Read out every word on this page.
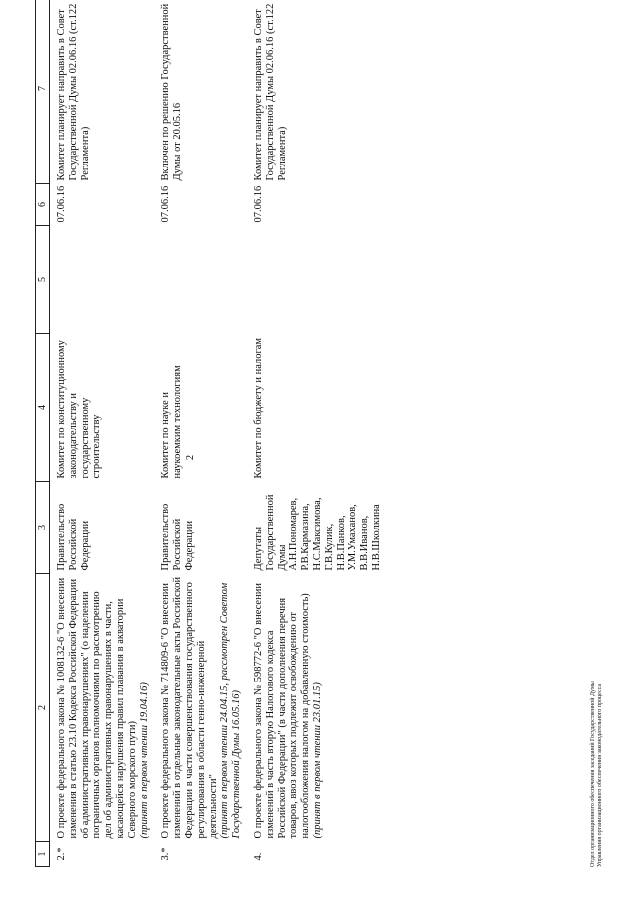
2
1	2	3	4	5	6	7
2.*	О проекте федерального закона № 1008132-6 "О внесении изменения в статью 23.10 Кодекса Российской Федерации об административных правонарушениях" (о наделении пограничных органов полномочиями по рассмотрению дел об административных правонарушениях в части, касающейся нарушения правил плавания в акватории Северного морского пути) (принят в первом чтении 19.04.16)	Правительство Российской Федерации	Комитет по конституционному законодательству и государственному строительству		07.06.16	Комитет планирует направить в Совет Государственной Думы 02.06.16 (ст.122 Регламента)
3.*	О проекте федерального закона № 714809-6 "О внесении изменений в отдельные законодательные акты Российской Федерации в части совершенствования государственного регулирования в области генно-инженерной деятельности" (принят в первом чтении 24.04.15, рассмотрен Советом Государственной Думы 16.05.16)	Правительство Российской Федерации	Комитет по науке и наукоемким технологиям		07.06.16	Включен по решению Государственной Думы от 20.05.16
4.	О проекте федерального закона № 598772-6 "О внесении изменений в часть вторую Налогового кодекса Российской Федерации" (в части дополнения перечня товаров, ввоз которых подлежит освобождению от налогообложения налогом на добавленную стоимость) (принят в первом чтении 23.01.15)	Депутаты Государственной Думы А.Н.Пономарев, Р.В.Кармазина, Н.С.Максимова, Г.В.Кулик, Н.В.Панков, У.М.Умаханов, В.В.Иванов, Н.В.Школкина	Комитет по бюджету и налогам		07.06.16	Комитет планирует направить в Совет Государственной Думы 02.06.16 (ст.122 Регламента)
Отдел организационного обеспечения заседаний Государственной Думы Управления организационного обеспечения законодательного процесса
